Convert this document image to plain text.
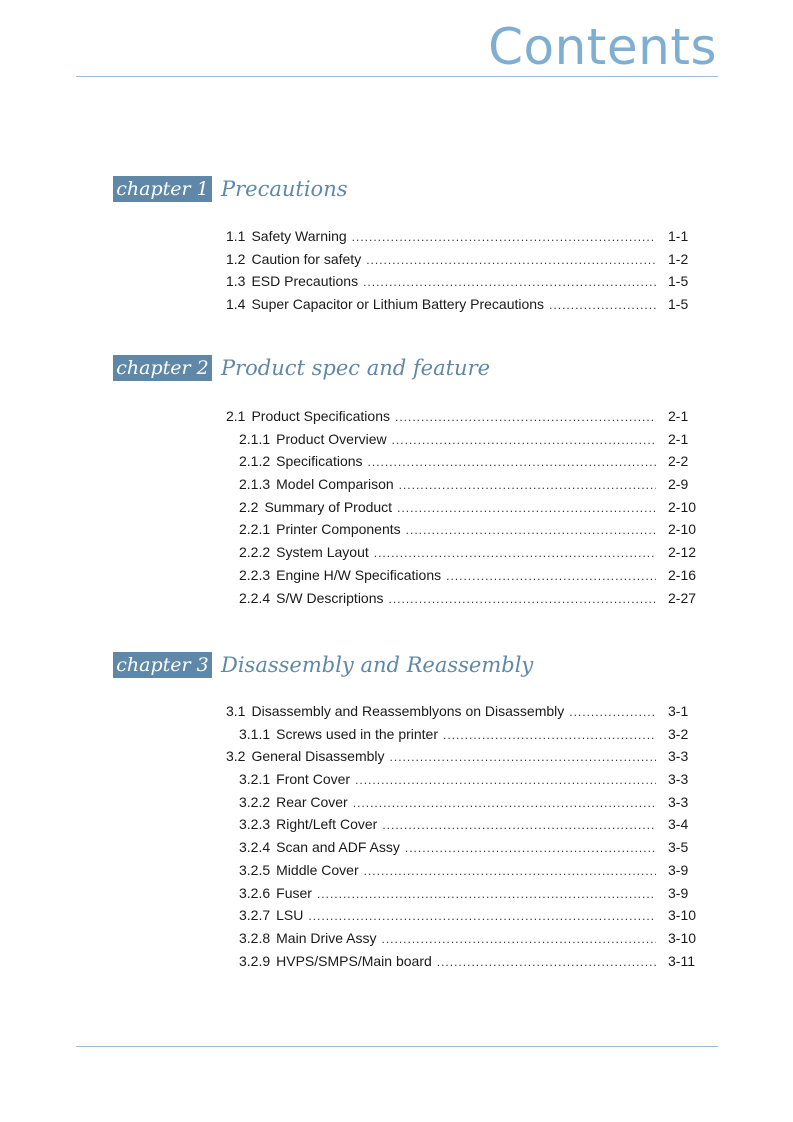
Contents
chapter 1 Precautions
1.1 Safety Warning .....	1-1
1.2 Caution for safety .....	1-2
1.3 ESD Precautions .....	1-5
1.4 Super Capacitor or Lithium Battery Precautions .....	1-5
chapter 2 Product spec and feature
2.1 Product Specifications .....	2-1
2.1.1 Product Overview .....	2-1
2.1.2 Specifications .....	2-2
2.1.3 Model Comparison .....	2-9
2.2 Summary of Product .....	2-10
2.2.1 Printer Components .....	2-10
2.2.2 System Layout .....	2-12
2.2.3 Engine H/W Specifications .....	2-16
2.2.4 S/W Descriptions .....	2-27
chapter 3 Disassembly and Reassembly
3.1 Disassembly and Reassemblyons on Disassembly .....	3-1
3.1.1 Screws used in the printer .....	3-2
3.2 General Disassembly .....	3-3
3.2.1 Front Cover .....	3-3
3.2.2 Rear Cover .....	3-3
3.2.3 Right/Left Cover .....	3-4
3.2.4 Scan and ADF Assy .....	3-5
3.2.5 Middle Cover .....	3-9
3.2.6 Fuser .....	3-9
3.2.7 LSU .....	3-10
3.2.8 Main Drive Assy .....	3-10
3.2.9 HVPS/SMPS/Main board .....	3-11
